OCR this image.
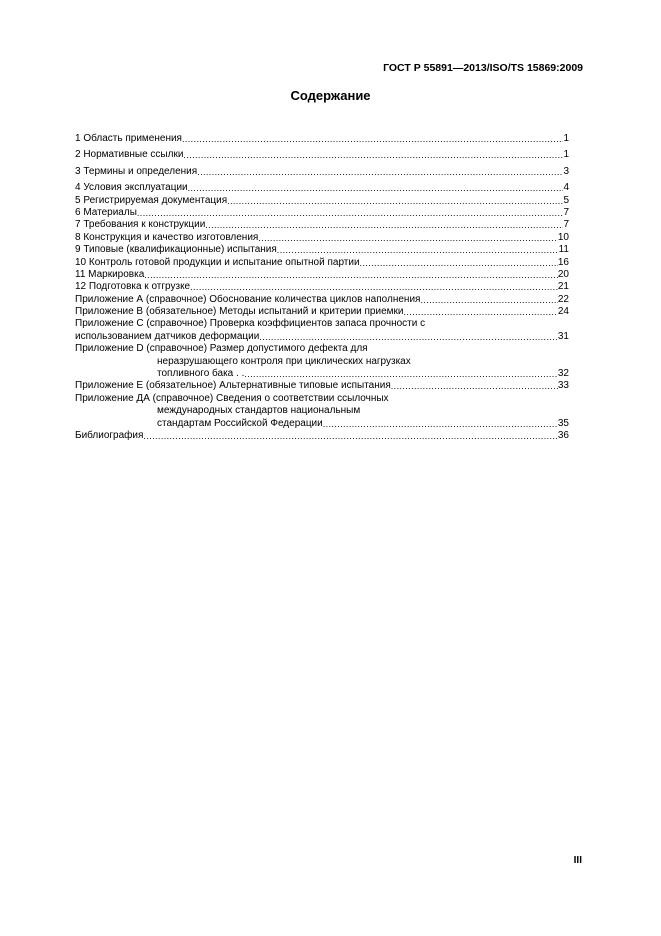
ГОСТ Р 55891—2013/ISO/TS 15869:2009
Содержание
1 Область применения .....	1
2 Нормативные ссылки .....	1
3 Термины и определения .....	3
4 Условия эксплуатации .....	4
5 Регистрируемая документация .....	5
6 Материалы .....	7
7 Требования к конструкции .....	7
8 Конструкция и качество изготовления .....	10
9 Типовые (квалификационные) испытания .....	11
10 Контроль готовой продукции и испытание опытной партии .....	16
11 Маркировка .....	20
12 Подготовка к отгрузке .....	21
Приложение А (справочное) Обоснование количества циклов наполнения .....	22
Приложение В (обязательное) Методы испытаний и критерии приемки .....	24
Приложение С (справочное) Проверка коэффициентов запаса прочности с
использованием датчиков деформации .....	31
Приложение D (справочное) Размер допустимого дефекта для
неразрушающего контроля при циклических нагрузках
топливного бака . . .....	32
Приложение Е (обязательное) Альтернативные типовые испытания .....	33
Приложение ДА (справочное) Сведения о соответствии ссылочных
международных стандартов национальным
стандартам Российской Федерации .....	35
Библиография .....	36
III
